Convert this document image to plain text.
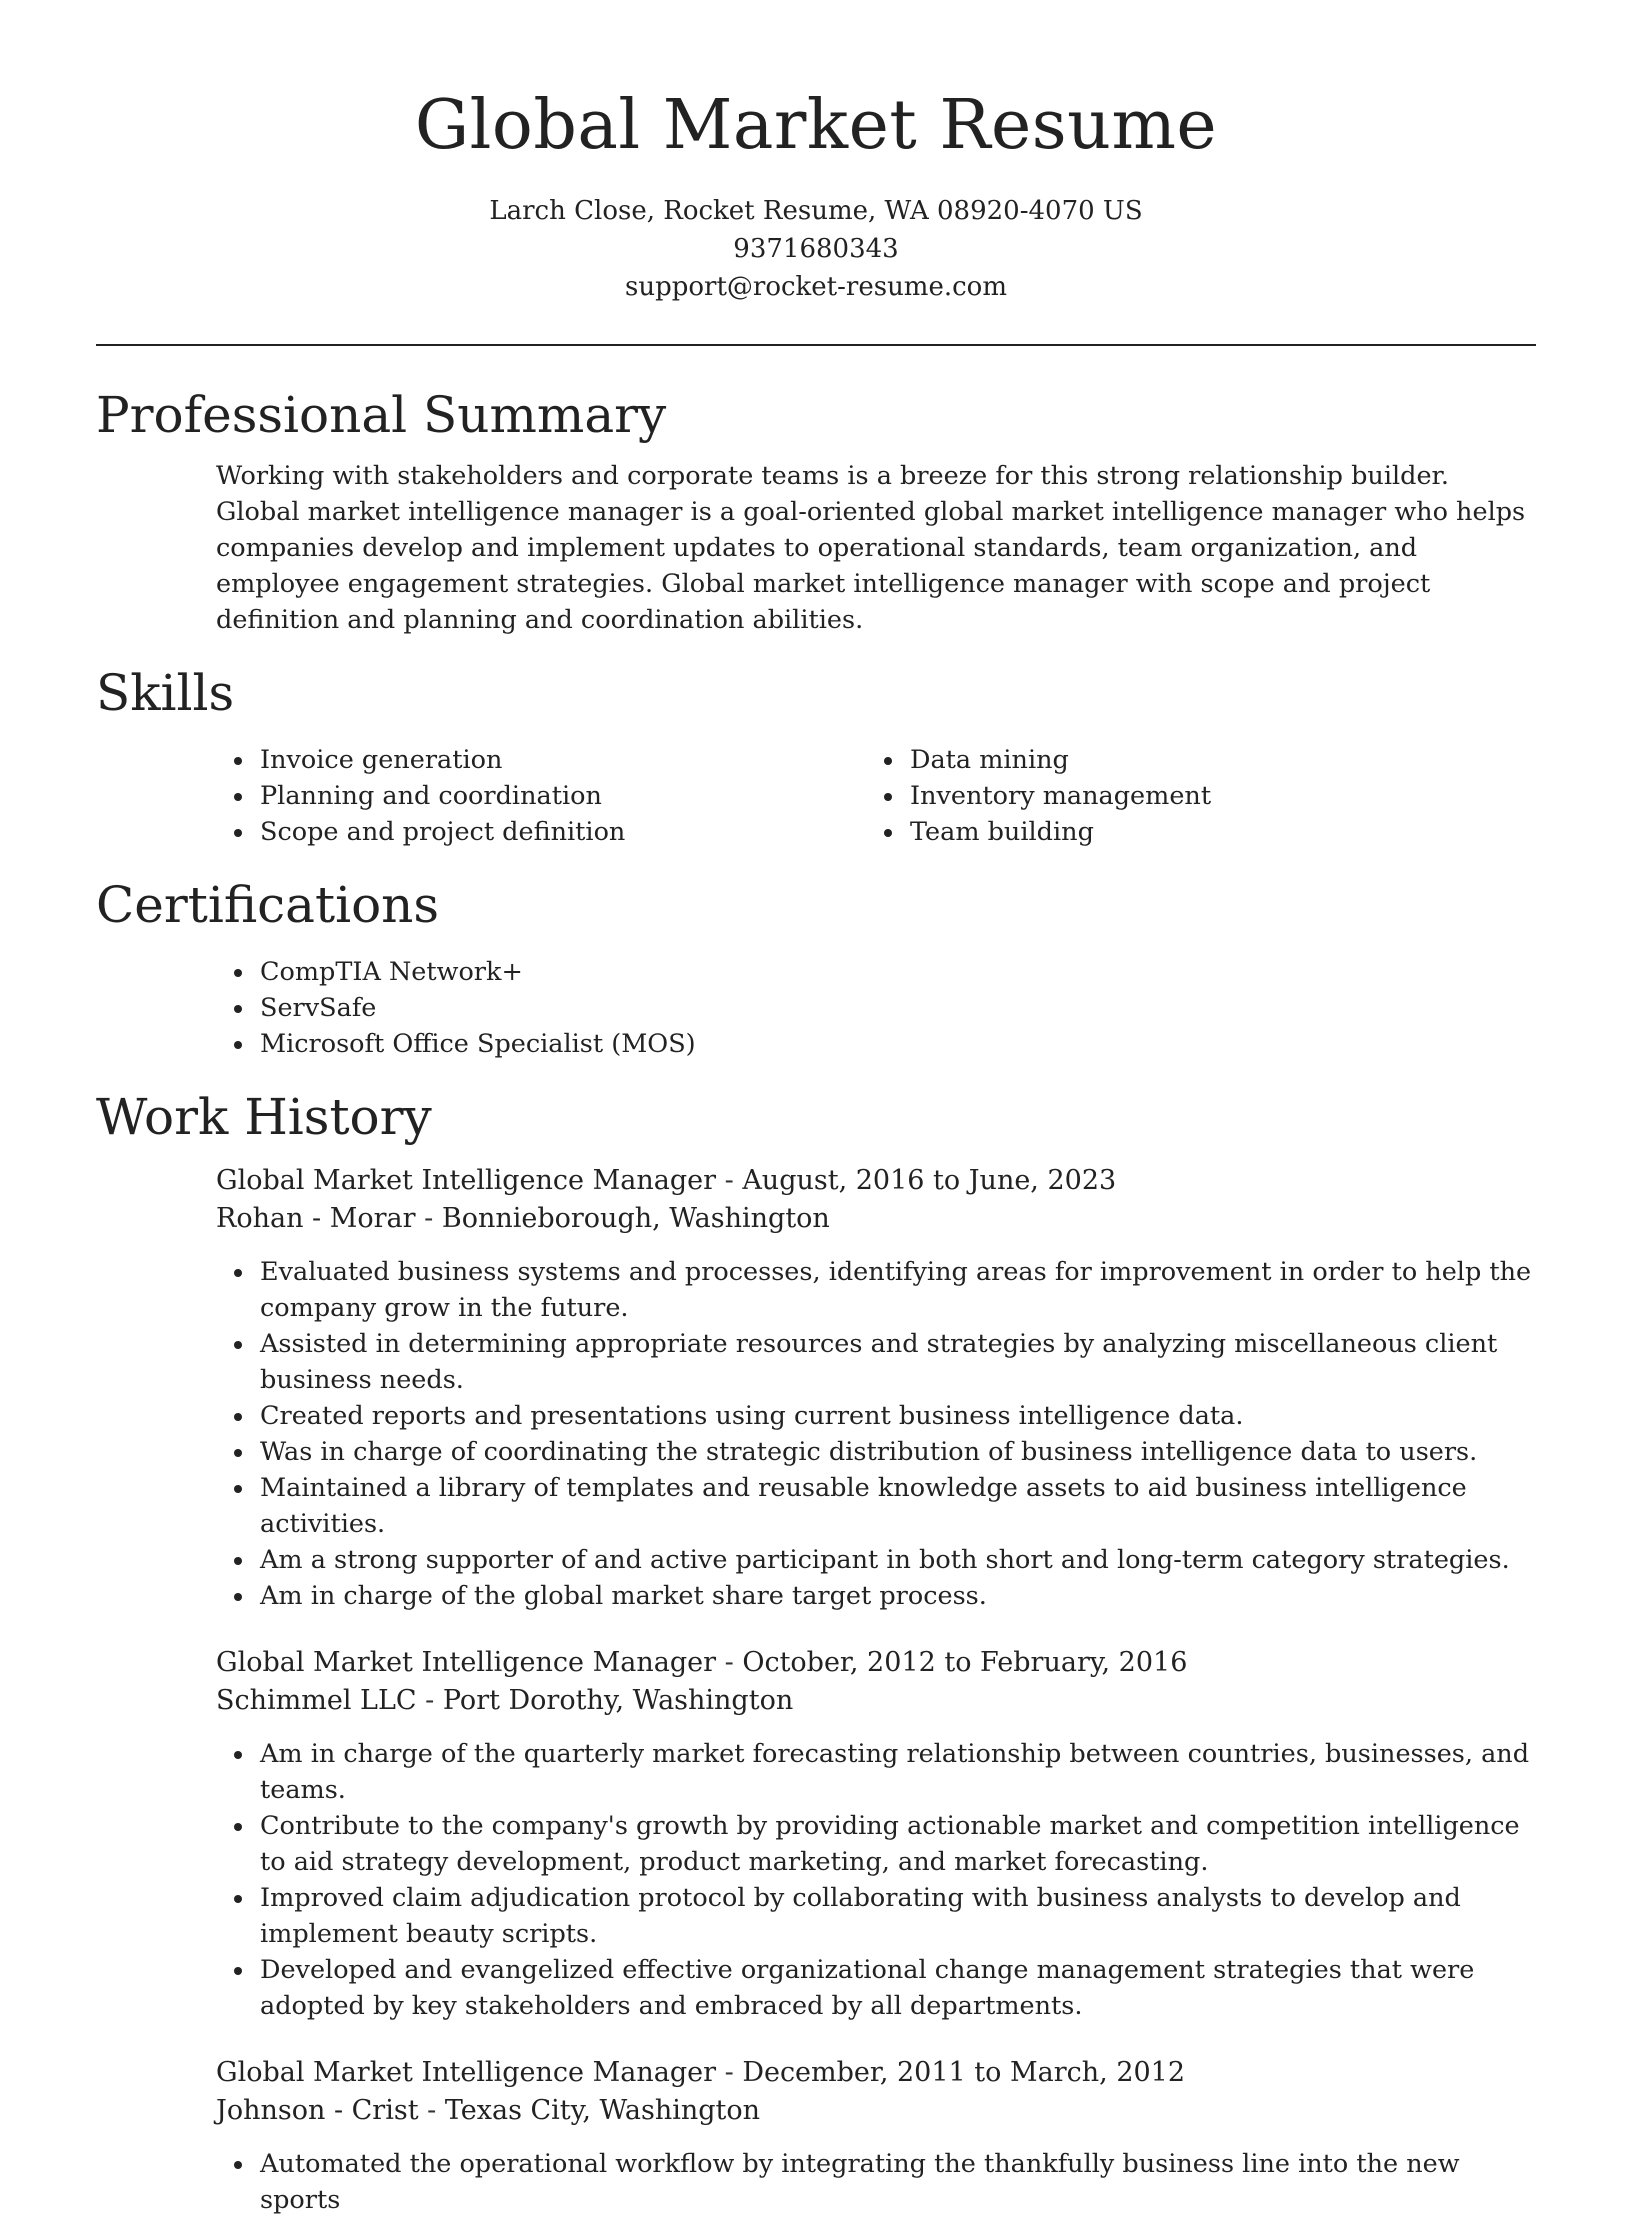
Global Market Resume
Larch Close, Rocket Resume, WA 08920-4070 US
9371680343
support@rocket-resume.com
Professional Summary
Working with stakeholders and corporate teams is a breeze for this strong relationship builder. Global market intelligence manager is a goal-oriented global market intelligence manager who helps companies develop and implement updates to operational standards, team organization, and employee engagement strategies. Global market intelligence manager with scope and project definition and planning and coordination abilities.
Skills
Invoice generation
Planning and coordination
Scope and project definition
Data mining
Inventory management
Team building
Certifications
CompTIA Network+
ServSafe
Microsoft Office Specialist (MOS)
Work History
Global Market Intelligence Manager - August, 2016 to June, 2023
Rohan - Morar - Bonnieborough, Washington
Evaluated business systems and processes, identifying areas for improvement in order to help the company grow in the future.
Assisted in determining appropriate resources and strategies by analyzing miscellaneous client business needs.
Created reports and presentations using current business intelligence data.
Was in charge of coordinating the strategic distribution of business intelligence data to users.
Maintained a library of templates and reusable knowledge assets to aid business intelligence activities.
Am a strong supporter of and active participant in both short and long-term category strategies.
Am in charge of the global market share target process.
Global Market Intelligence Manager - October, 2012 to February, 2016
Schimmel LLC - Port Dorothy, Washington
Am in charge of the quarterly market forecasting relationship between countries, businesses, and teams.
Contribute to the company's growth by providing actionable market and competition intelligence to aid strategy development, product marketing, and market forecasting.
Improved claim adjudication protocol by collaborating with business analysts to develop and implement beauty scripts.
Developed and evangelized effective organizational change management strategies that were adopted by key stakeholders and embraced by all departments.
Global Market Intelligence Manager - December, 2011 to March, 2012
Johnson - Crist - Texas City, Washington
Automated the operational workflow by integrating the thankfully business line into the new sports
